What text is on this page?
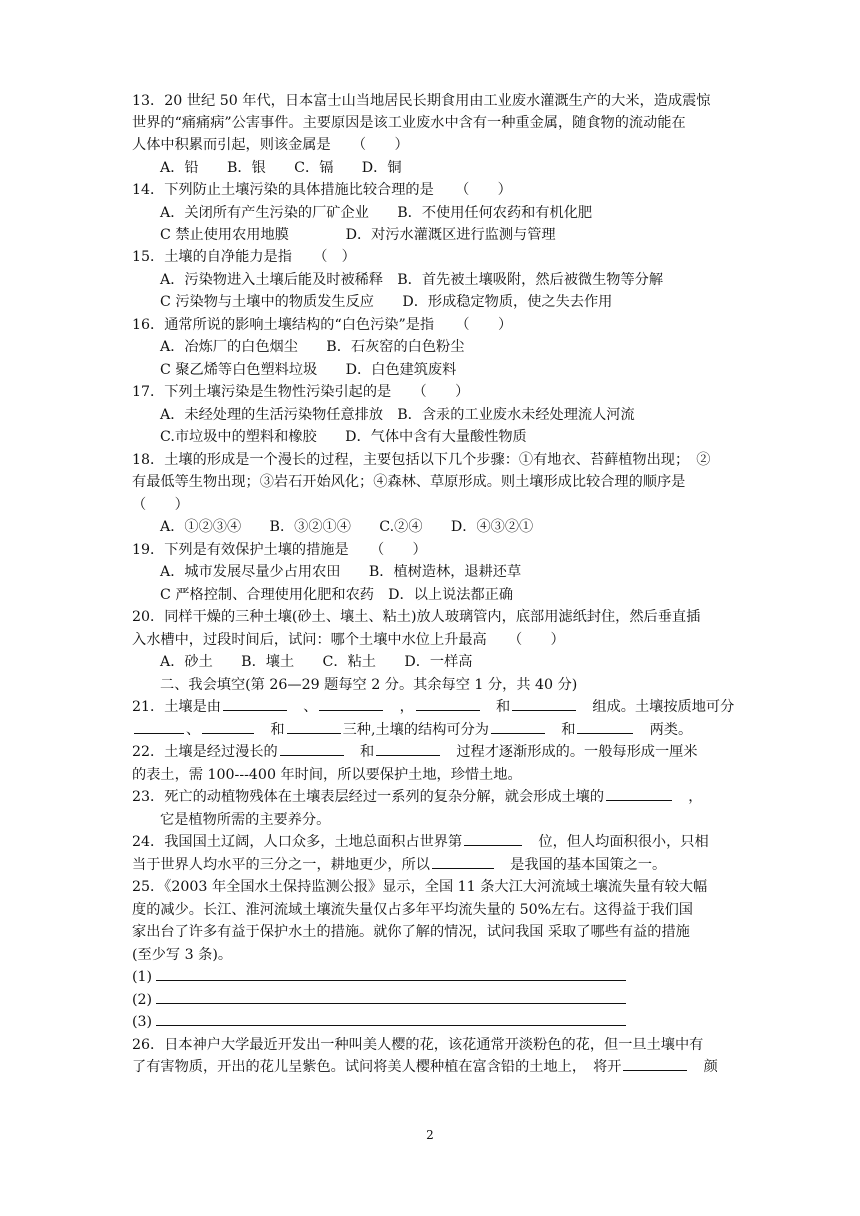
13．20 世纪 50 年代，日本富士山当地居民长期食用由工业废水灌溉生产的大米，造成震惊
世界的“痛痛病”公害事件。主要原因是该工业废水中含有一种重金属，随食物的流动能在
人体中积累而引起，则该金属是　　（　　）
A．铅　　B．银　　C．镉　　D．铜
14．下列防止土壤污染的具体措施比较合理的是　　（　　）
A．关闭所有产生污染的厂矿企业　　B．不使用任何农药和有机化肥
C 禁止使用农用地膜　　　　D．对污水灌溉区进行监测与管理
15．土壤的自净能力是指　　（　）
A．污染物进入土壤后能及时被稀释　B．首先被土壤吸附，然后被微生物等分解
C 污染物与土壤中的物质发生反应　　D．形成稳定物质，使之失去作用
16．通常所说的影响土壤结构的“白色污染”是指　　（　　）
A．冶炼厂的白色烟尘　　B．石灰窑的白色粉尘
C 聚乙烯等白色塑料垃圾　　D．白色建筑废料
17．下列土壤污染是生物性污染引起的是　　（　　）
A．未经处理的生活污染物任意排放　B．含汞的工业废水未经处理流人河流
C.市垃圾中的塑料和橡胶　　D．气体中含有大量酸性物质
18．土壤的形成是一个漫长的过程，主要包括以下几个步骤：①有地衣、苔藓植物出现；　②
有最低等生物出现；③岩石开始风化；④森林、草原形成。则土壤形成比较合理的顺序是
（　　）
A．①②③④　　B．③②①④　　C.②④　　D．④③②①
19．下列是有效保护土壤的措施是　　（　　）
A．城市发展尽量少占用农田　　B．植树造林，退耕还草
C 严格控制、合理使用化肥和农药　D．以上说法都正确
20．同样干燥的三种土壤(砂土、壤土、粘土)放人玻璃管内，底部用滤纸封住，然后垂直插
入水槽中，过段时间后，试问：哪个土壤中水位上升最高　　（　　）
A．砂土　　B．壤土　　C．粘土　　D．一样高
二、我会填空(第 26—29 题每空 2 分。其余每空 1 分，共 40 分)
21．土壤是由　	、　	，　	和　	组成。土壤按质地可分
、　	和	三种,土壤的结构可分为　	和　	两类。
22．土壤是经过漫长的　	和　	过程才逐渐形成的。一般每形成一厘米
的表土，需 100---400 年时间，所以要保护土地，珍惜土地。
23．死亡的动植物残体在土壤表层经过一系列的复杂分解，就会形成土壤的　	，
它是植物所需的主要养分。
24．我国国土辽阔，人口众多，土地总面积占世界第　	位，但人均面积很小，只相
当于世界人均水平的三分之一，耕地更少，所以　	是我国的基本国策之一。
25．《2003 年全国水土保持监测公报》显示，全国 11 条大江大河流域土壤流失量有较大幅
度的减少。长江、淮河流域土壤流失量仅占多年平均流失量的 50%左右。这得益于我们国
家出台了许多有益于保护水土的措施。就你了解的情况，试问我国 采取了哪些有益的措施
(至少写 3 条)。
(1)
(2)
(3)
26．日本神户大学最近开发出一种叫美人樱的花，该花通常开淡粉色的花，但一旦土壤中有
了有害物质，开出的花儿呈紫色。试问将美人樱种植在富含铅的土地上，　将开　	颜
2
